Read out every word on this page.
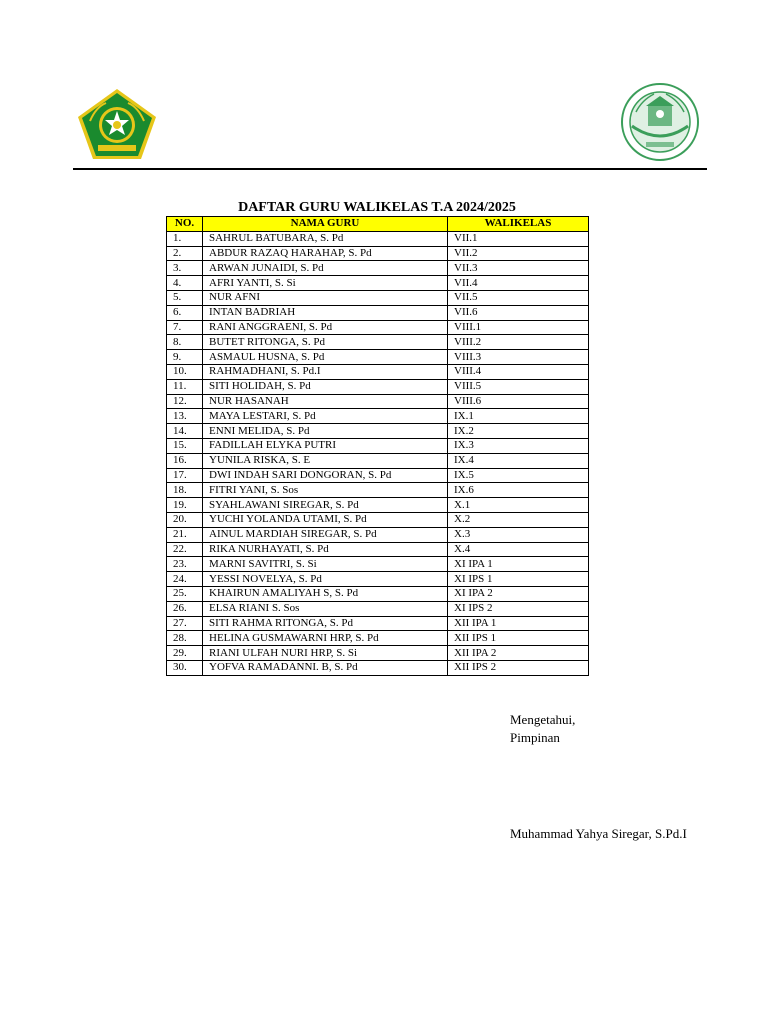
DAFTAR GURU WALIKELAS T.A 2024/2025
NO.	NAMA GURU	WALIKELAS
1.	SAHRUL BATUBARA, S. Pd	VII.1
2.	ABDUR RAZAQ HARAHAP, S. Pd	VII.2
3.	ARWAN JUNAIDI, S. Pd	VII.3
4.	AFRI YANTI, S. Si	VII.4
5.	NUR AFNI	VII.5
6.	INTAN BADRIAH	VII.6
7.	RANI ANGGRAENI, S. Pd	VIII.1
8.	BUTET RITONGA, S. Pd	VIII.2
9.	ASMAUL HUSNA, S. Pd	VIII.3
10.	RAHMADHANI, S. Pd.I	VIII.4
11.	SITI HOLIDAH, S. Pd	VIII.5
12.	NUR HASANAH	VIII.6
13.	MAYA LESTARI, S. Pd	IX.1
14.	ENNI MELIDA, S. Pd	IX.2
15.	FADILLAH ELYKA PUTRI	IX.3
16.	YUNILA RISKA, S. E	IX.4
17.	DWI INDAH SARI DONGORAN, S. Pd	IX.5
18.	FITRI YANI, S. Sos	IX.6
19.	SYAHLAWANI SIREGAR, S. Pd	X.1
20.	YUCHI YOLANDA UTAMI, S. Pd	X.2
21.	AINUL MARDIAH SIREGAR, S. Pd	X.3
22.	RIKA NURHAYATI, S. Pd	X.4
23.	MARNI SAVITRI, S. Si	XI IPA 1
24.	YESSI NOVELYA, S. Pd	XI IPS 1
25.	KHAIRUN AMALIYAH S, S. Pd	XI IPA 2
26.	ELSA RIANI S. Sos	XI IPS 2
27.	SITI RAHMA RITONGA, S. Pd	XII IPA 1
28.	HELINA GUSMAWARNI HRP, S. Pd	XII IPS 1
29.	RIANI ULFAH NURI HRP, S. Si	XII IPA 2
30.	YOFVA RAMADANNI. B, S. Pd	XII IPS 2
Mengetahui,
Pimpinan
Muhammad Yahya Siregar, S.Pd.I
